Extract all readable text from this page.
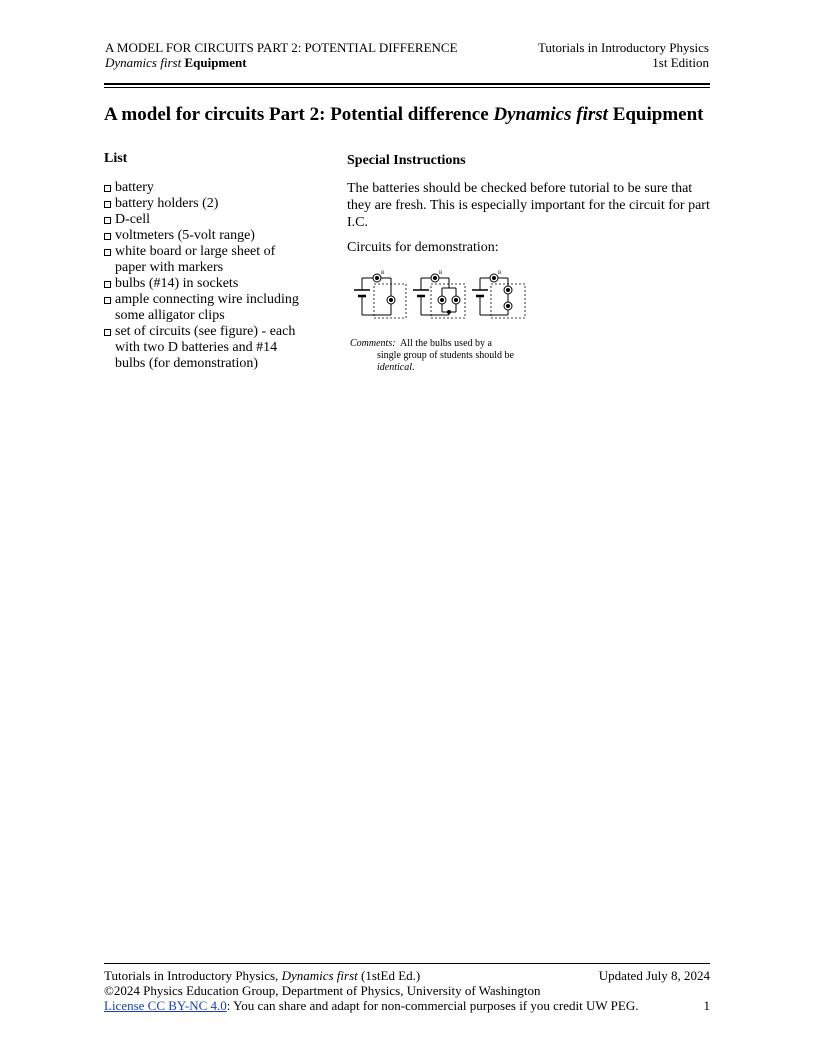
A MODEL FOR CIRCUITS PART 2: POTENTIAL DIFFERENCE
Dynamics first Equipment
Tutorials in Introductory Physics
1st Edition
A model for circuits Part 2: Potential difference Dynamics first Equipment
List
battery
battery holders (2)
D-cell
voltmeters (5-volt range)
white board or large sheet of paper with markers
bulbs (#14) in sockets
ample connecting wire including some alligator clips
set of circuits (see figure) - each with two D batteries and #14 bulbs (for demonstration)
Special Instructions

The batteries should be checked before tutorial to be sure that they are fresh. This is especially important for the circuit for part I.C.

Circuits for demonstration:

B	B	B

Comments: All the bulbs used by a
single group of students should be
identical.

Tutorials in Introductory Physics, Dynamics first (1stEd Ed.)	Updated July 8, 2024
©2024 Physics Education Group, Department of Physics, University of Washington
License CC BY-NC 4.0: You can share and adapt for non-commercial purposes if you credit UW PEG.	1
